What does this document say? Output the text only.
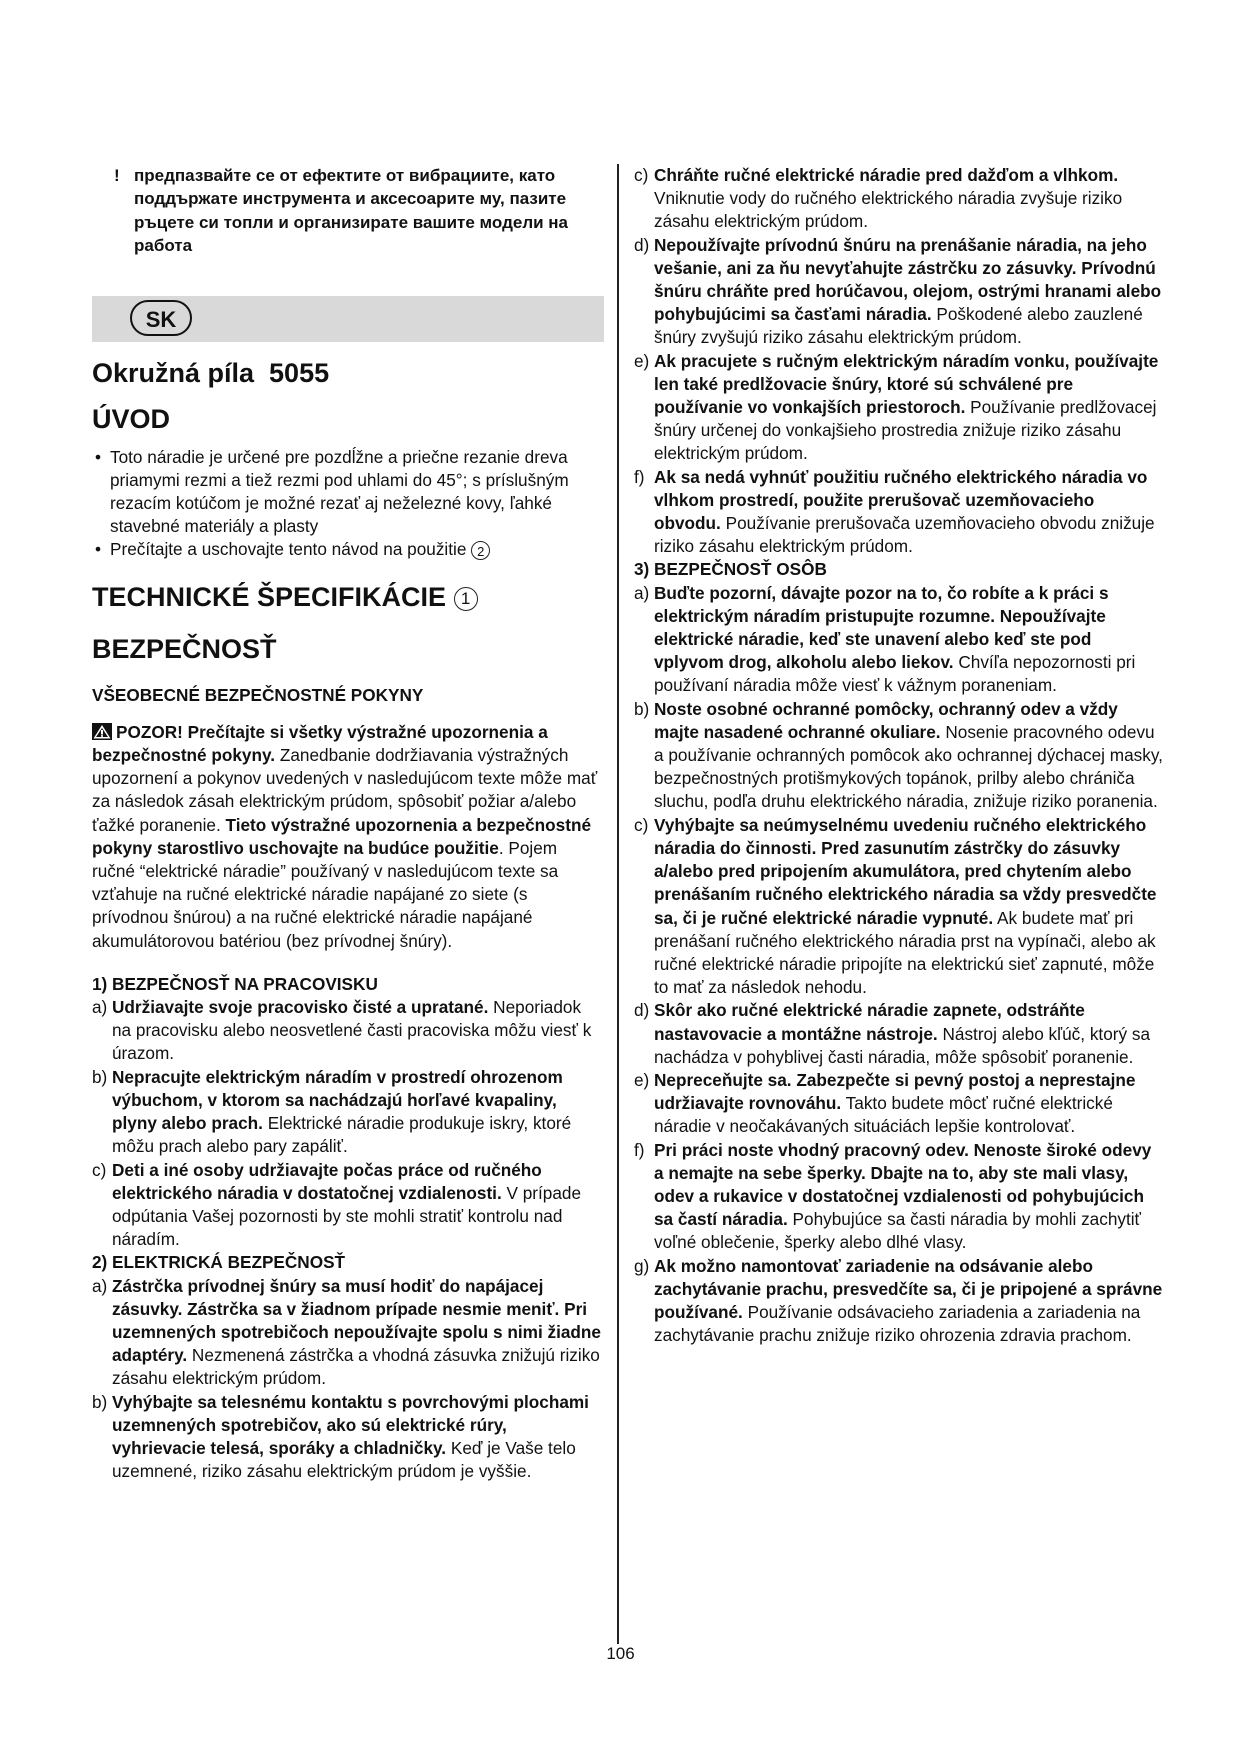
! предпазвайте се от ефектите от вибрациите, като поддържате инструмента и аксесоарите му, пазите ръцете си топли и организирате вашите модели на работа

SK
Okružná píla  5055
ÚVOD
• Toto náradie je určené pre pozdĺžne a priečne rezanie dreva priamymi rezmi a tiež rezmi pod uhlami do 45°; s príslušným rezacím kotúčom je možné rezať aj neželezné kovy, ľahké stavebné materiály a plasty
• Prečítajte a uschovajte tento návod na použitie 2
TECHNICKÉ ŠPECIFIKÁCIE 1
BEZPEČNOSŤ
VŠEOBECNÉ BEZPEČNOSTNÉ POKYNY

POZOR! Prečítajte si všetky výstražné upozornenia a bezpečnostné pokyny. Zanedbanie dodržiavania výstražných upozornení a pokynov uvedených v nasledujúcom texte môže mať za následok zásah elektrickým prúdom, spôsobiť požiar a/alebo ťažké poranenie. Tieto výstražné upozornenia a bezpečnostné pokyny starostlivo uschovajte na budúce použitie. Pojem ručné “elektrické náradie” používaný v nasledujúcom texte sa vzťahuje na ručné elektrické náradie napájané zo siete (s prívodnou šnúrou) a na ručné elektrické náradie napájané akumulátorovou batériou (bez prívodnej šnúry).

1) BEZPEČNOSŤ NA PRACOVISKU
a) Udržiavajte svoje pracovisko čisté a upratané. Neporiadok na pracovisku alebo neosvetlené časti pracoviska môžu viesť k úrazom.
b) Nepracujte elektrickým náradím v prostredí ohrozenom výbuchom, v ktorom sa nachádzajú horľavé kvapaliny, plyny alebo prach. Elektrické náradie produkuje iskry, ktoré môžu prach alebo pary zapáliť.
c) Deti a iné osoby udržiavajte počas práce od ručného elektrického náradia v dostatočnej vzdialenosti. V prípade odpútania Vašej pozornosti by ste mohli stratiť kontrolu nad náradím.
2) ELEKTRICKÁ BEZPEČNOSŤ
a) Zástrčka prívodnej šnúry sa musí hodiť do napájacej zásuvky. Zástrčka sa v žiadnom prípade nesmie meniť. Pri uzemnených spotrebičoch nepoužívajte spolu s nimi žiadne adaptéry. Nezmenená zástrčka a vhodná zásuvka znižujú riziko zásahu elektrickým prúdom.
b) Vyhýbajte sa telesnému kontaktu s povrchovými plochami uzemnených spotrebičov, ako sú elektrické rúry, vyhrievacie telesá, sporáky a chladničky. Keď je Vaše telo uzemnené, riziko zásahu elektrickým prúdom je vyššie.
c) Chráňte ručné elektrické náradie pred dažďom a vlhkom. Vniknutie vody do ručného elektrického náradia zvyšuje riziko zásahu elektrickým prúdom.
d) Nepoužívajte prívodnú šnúru na prenášanie náradia, na jeho vešanie, ani za ňu nevyťahujte zástrčku zo zásuvky. Prívodnú šnúru chráňte pred horúčavou, olejom, ostrými hranami alebo pohybujúcimi sa časťami náradia. Poškodené alebo zauzlené šnúry zvyšujú riziko zásahu elektrickým prúdom.
e) Ak pracujete s ručným elektrickým náradím vonku, používajte len také predlžovacie šnúry, ktoré sú schválené pre používanie vo vonkajších priestoroch. Používanie predlžovacej šnúry určenej do vonkajšieho prostredia znižuje riziko zásahu elektrickým prúdom.
f) Ak sa nedá vyhnúť použitiu ručného elektrického náradia vo vlhkom prostredí, použite prerušovač uzemňovacieho obvodu. Používanie prerušovača uzemňovacieho obvodu znižuje riziko zásahu elektrickým prúdom.
3) BEZPEČNOSŤ OSÔB
a) Buďte pozorní, dávajte pozor na to, čo robíte a k práci s elektrickým náradím pristupujte rozumne. Nepoužívajte elektrické náradie, keď ste unavení alebo keď ste pod vplyvom drog, alkoholu alebo liekov. Chvíľa nepozornosti pri používaní náradia môže viesť k vážnym poraneniam.
b) Noste osobné ochranné pomôcky, ochranný odev a vždy majte nasadené ochranné okuliare. Nosenie pracovného odevu a používanie ochranných pomôcok ako ochrannej dýchacej masky, bezpečnostných protišmykových topánok, prilby alebo chrániča sluchu, podľa druhu elektrického náradia, znižuje riziko poranenia.
c) Vyhýbajte sa neúmyselnému uvedeniu ručného elektrického náradia do činnosti. Pred zasunutím zástrčky do zásuvky a/alebo pred pripojením akumulátora, pred chytením alebo prenášaním ručného elektrického náradia sa vždy presvedčte sa, či je ručné elektrické náradie vypnuté. Ak budete mať pri prenášaní ručného elektrického náradia prst na vypínači, alebo ak ručné elektrické náradie pripojíte na elektrickú sieť zapnuté, môže to mať za následok nehodu.
d) Skôr ako ručné elektrické náradie zapnete, odstráňte nastavovacie a montážne nástroje. Nástroj alebo kľúč, ktorý sa nachádza v pohyblivej časti náradia, môže spôsobiť poranenie.
e) Nepreceňujte sa. Zabezpečte si pevný postoj a neprestajne udržiavajte rovnováhu. Takto budete môcť ručné elektrické náradie v neočakávaných situáciách lepšie kontrolovať.
f) Pri práci noste vhodný pracovný odev. Nenoste široké odevy a nemajte na sebe šperky. Dbajte na to, aby ste mali vlasy, odev a rukavice v dostatočnej vzdialenosti od pohybujúcich sa častí náradia. Pohybujúce sa časti náradia by mohli zachytiť voľné oblečenie, šperky alebo dlhé vlasy.
g) Ak možno namontovať zariadenie na odsávanie alebo zachytávanie prachu, presvedčíte sa, či je pripojené a správne používané. Používanie odsávacieho zariadenia a zariadenia na zachytávanie prachu znižuje riziko ohrozenia zdravia prachom.
106
